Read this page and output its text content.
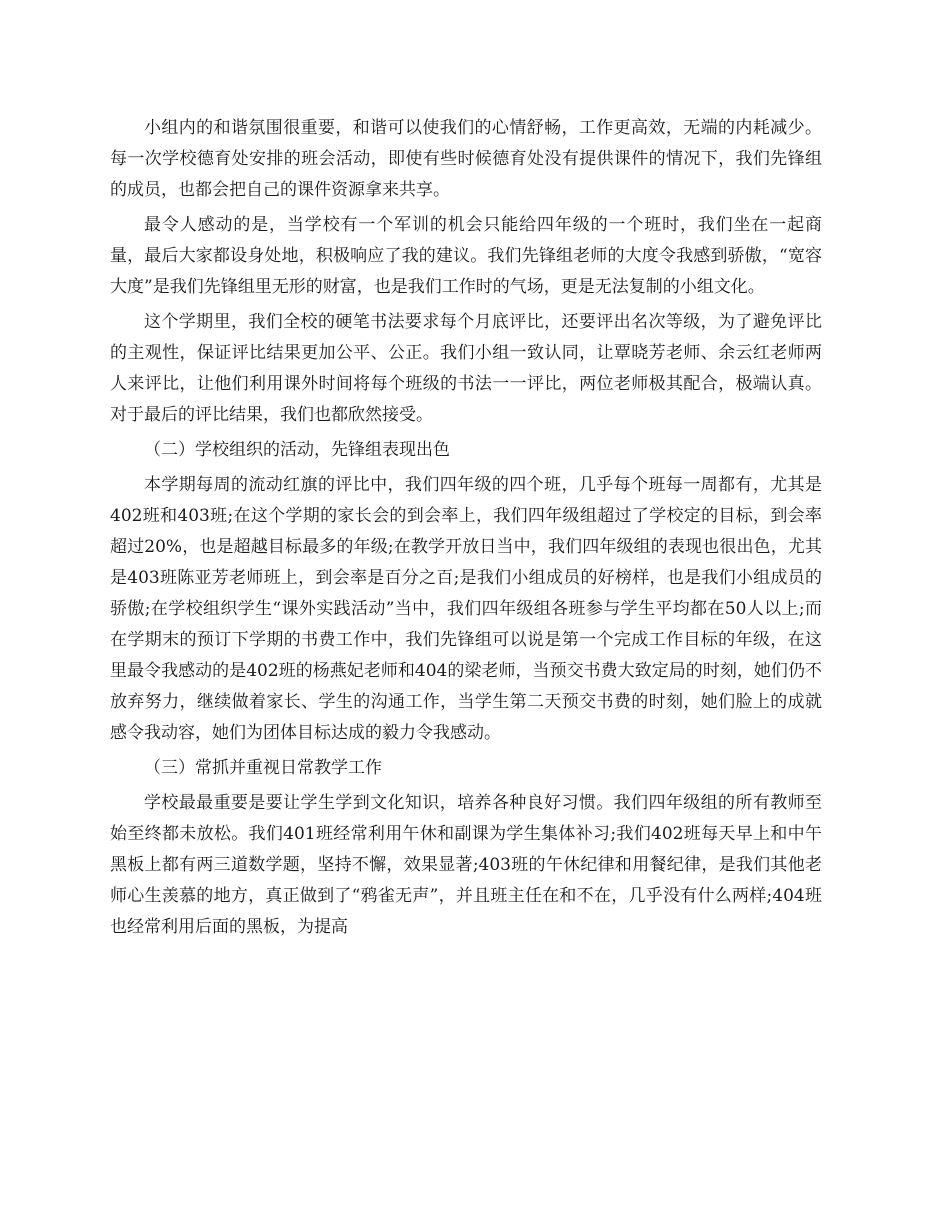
小组内的和谐氛围很重要，和谐可以使我们的心情舒畅，工作更高效，无端的内耗减少。每一次学校德育处安排的班会活动，即使有些时候德育处没有提供课件的情况下，我们先锋组的成员，也都会把自己的课件资源拿来共享。

最令人感动的是，当学校有一个军训的机会只能给四年级的一个班时，我们坐在一起商量，最后大家都设身处地，积极响应了我的建议。我们先锋组老师的大度令我感到骄傲，“宽容大度”是我们先锋组里无形的财富，也是我们工作时的气场，更是无法复制的小组文化。

这个学期里，我们全校的硬笔书法要求每个月底评比，还要评出名次等级，为了避免评比的主观性，保证评比结果更加公平、公正。我们小组一致认同，让覃晓芳老师、余云红老师两人来评比，让他们利用课外时间将每个班级的书法一一评比，两位老师极其配合，极端认真。对于最后的评比结果，我们也都欣然接受。

（二）学校组织的活动，先锋组表现出色

本学期每周的流动红旗的评比中，我们四年级的四个班，几乎每个班每一周都有，尤其是402班和403班;在这个学期的家长会的到会率上，我们四年级组超过了学校定的目标，到会率超过20%，也是超越目标最多的年级;在教学开放日当中，我们四年级组的表现也很出色，尤其是403班陈亚芳老师班上，到会率是百分之百;是我们小组成员的好榜样，也是我们小组成员的骄傲;在学校组织学生“课外实践活动”当中，我们四年级组各班参与学生平均都在50人以上;而在学期末的预订下学期的书费工作中，我们先锋组可以说是第一个完成工作目标的年级，在这里最令我感动的是402班的杨燕妃老师和404的梁老师，当预交书费大致定局的时刻，她们仍不放弃努力，继续做着家长、学生的沟通工作，当学生第二天预交书费的时刻，她们脸上的成就感令我动容，她们为团体目标达成的毅力令我感动。

（三）常抓并重视日常教学工作

学校最最重要是要让学生学到文化知识，培养各种良好习惯。我们四年级组的所有教师至始至终都未放松。我们401班经常利用午休和副课为学生集体补习;我们402班每天早上和中午黑板上都有两三道数学题，坚持不懈，效果显著;403班的午休纪律和用餐纪律，是我们其他老师心生羡慕的地方，真正做到了“鸦雀无声”，并且班主任在和不在，几乎没有什么两样;404班也经常利用后面的黑板，为提高
